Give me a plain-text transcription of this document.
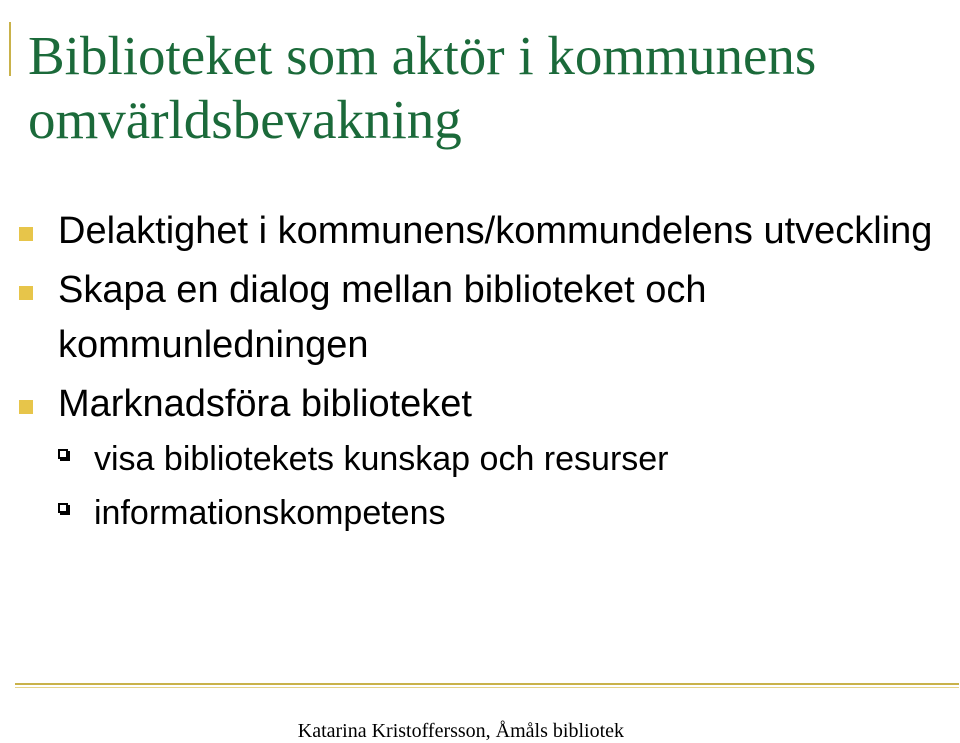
Biblioteket som aktör i kommunens
omvärldsbevakning
Delaktighet i kommunens/kommundelens utveckling
Skapa en dialog mellan biblioteket och kommunledningen
Marknadsföra biblioteket
visa bibliotekets kunskap och resurser
informationskompetens
Katarina Kristoffersson, Åmåls bibliotek
